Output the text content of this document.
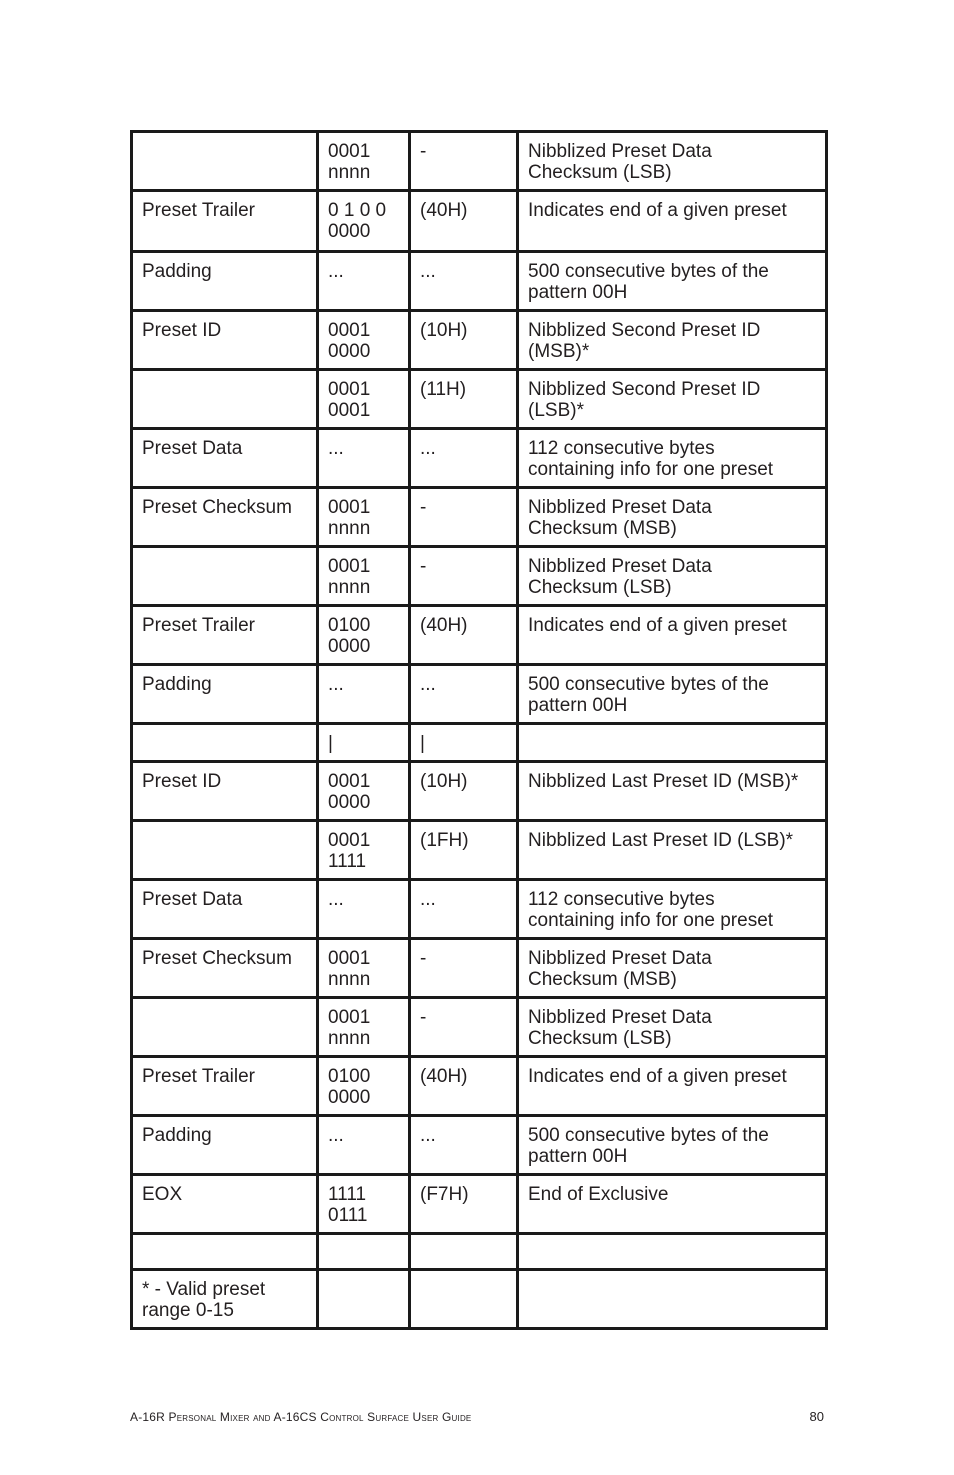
	0001
nnnn	-	Nibblized Preset Data
Checksum (LSB)
Preset Trailer	0 1 0 0
0000	(40H)	Indicates end of a given preset
Padding	...	...	500 consecutive bytes of the
pattern 00H
Preset ID	0001
0000	(10H)	Nibblized Second Preset ID
(MSB)*
	0001
0001	(11H)	Nibblized Second Preset ID
(LSB)*
Preset Data	...	...	112 consecutive bytes
containing info for one preset
Preset Checksum	0001
nnnn	-	Nibblized Preset Data
Checksum (MSB)
	0001
nnnn	-	Nibblized Preset Data
Checksum (LSB)
Preset Trailer	0100
0000	(40H)	Indicates end of a given preset
Padding	...	...	500 consecutive bytes of the
pattern 00H
	|	|	
Preset ID	0001
0000	(10H)	Nibblized Last Preset ID (MSB)*
	0001
1111	(1FH)	Nibblized Last Preset ID (LSB)*
Preset Data	...	...	112 consecutive bytes
containing info for one preset
Preset Checksum	0001
nnnn	-	Nibblized Preset Data
Checksum (MSB)
	0001
nnnn	-	Nibblized Preset Data
Checksum (LSB)
Preset Trailer	0100
0000	(40H)	Indicates end of a given preset
Padding	...	...	500 consecutive bytes of the
pattern 00H
EOX	1111
0111	(F7H)	End of Exclusive

* - Valid preset
range 0-15			
A-16R Personal Mixer and A-16CS Control Surface User Guide	80
